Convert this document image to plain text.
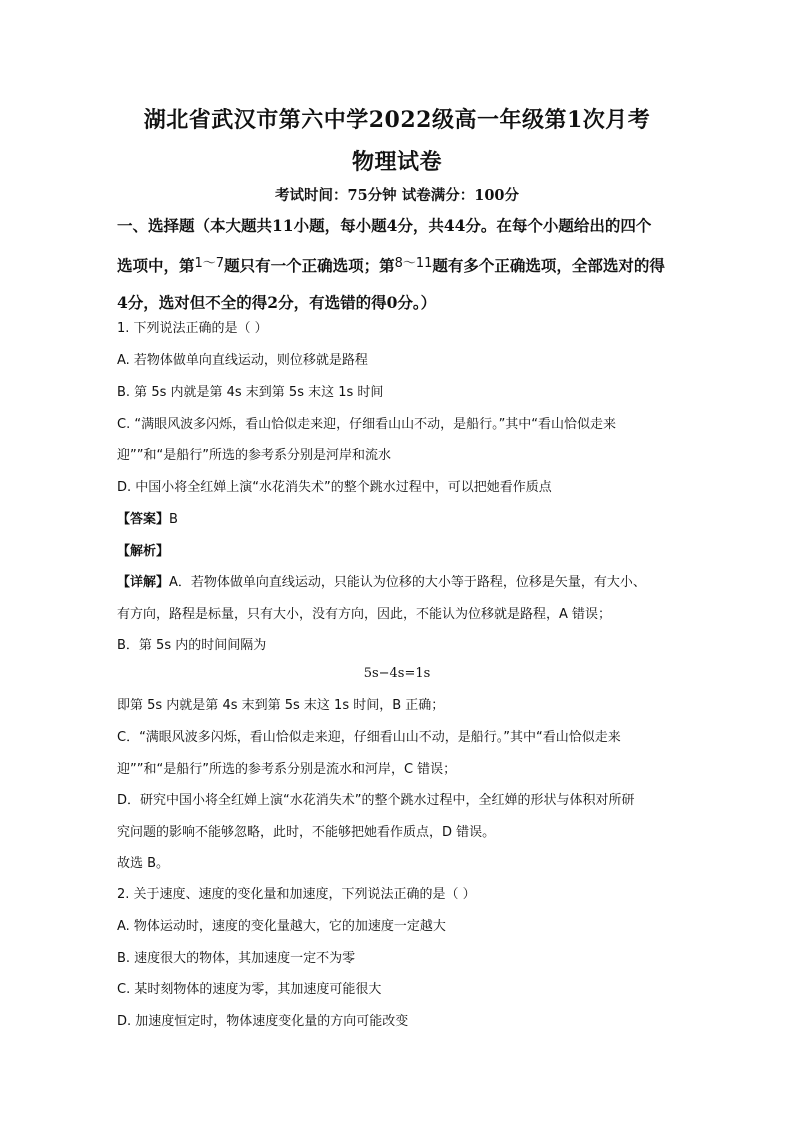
湖北省武汉市第六中学2022级高一年级第1次月考
物理试卷
考试时间：75分钟 试卷满分：100分
一、选择题（本大题共11小题，每小题4分，共44分。在每个小题给出的四个
选项中，第$^{1\sim 7}$题只有一个正确选项；第$^{8\sim 11}$题有多个正确选项，全部选对的得
4分，选对但不全的得2分，有选错的得0分。）
1. 下列说法正确的是（ ）
A. 若物体做单向直线运动，则位移就是路程
B. 第 5s 内就是第 4s 末到第 5s 末这 1s 时间
C. “满眼风波多闪烁，看山恰似走来迎，仔细看山山不动，是船行。”其中“看山恰似走来
迎””和“是船行”所选的参考系分别是河岸和流水
D. 中国小将全红婵上演“水花消失术”的整个跳水过程中，可以把她看作质点
【答案】B
【解析】
【详解】A．若物体做单向直线运动，只能认为位移的大小等于路程，位移是矢量，有大小、
有方向，路程是标量，只有大小，没有方向，因此，不能认为位移就是路程，A 错误；
B．第 5s 内的时间间隔为
5s−4s=1s
即第 5s 内就是第 4s 末到第 5s 末这 1s 时间，B 正确；
C．“满眼风波多闪烁，看山恰似走来迎，仔细看山山不动，是船行。”其中“看山恰似走来
迎””和“是船行”所选的参考系分别是流水和河岸，C 错误；
D．研究中国小将全红婵上演“水花消失术”的整个跳水过程中，全红婵的形状与体积对所研
究问题的影响不能够忽略，此时，不能够把她看作质点，D 错误。
故选 B。
2. 关于速度、速度的变化量和加速度，下列说法正确的是（ ）
A. 物体运动时，速度的变化量越大，它的加速度一定越大
B. 速度很大的物体，其加速度一定不为零
C. 某时刻物体的速度为零，其加速度可能很大
D. 加速度恒定时，物体速度变化量的方向可能改变
